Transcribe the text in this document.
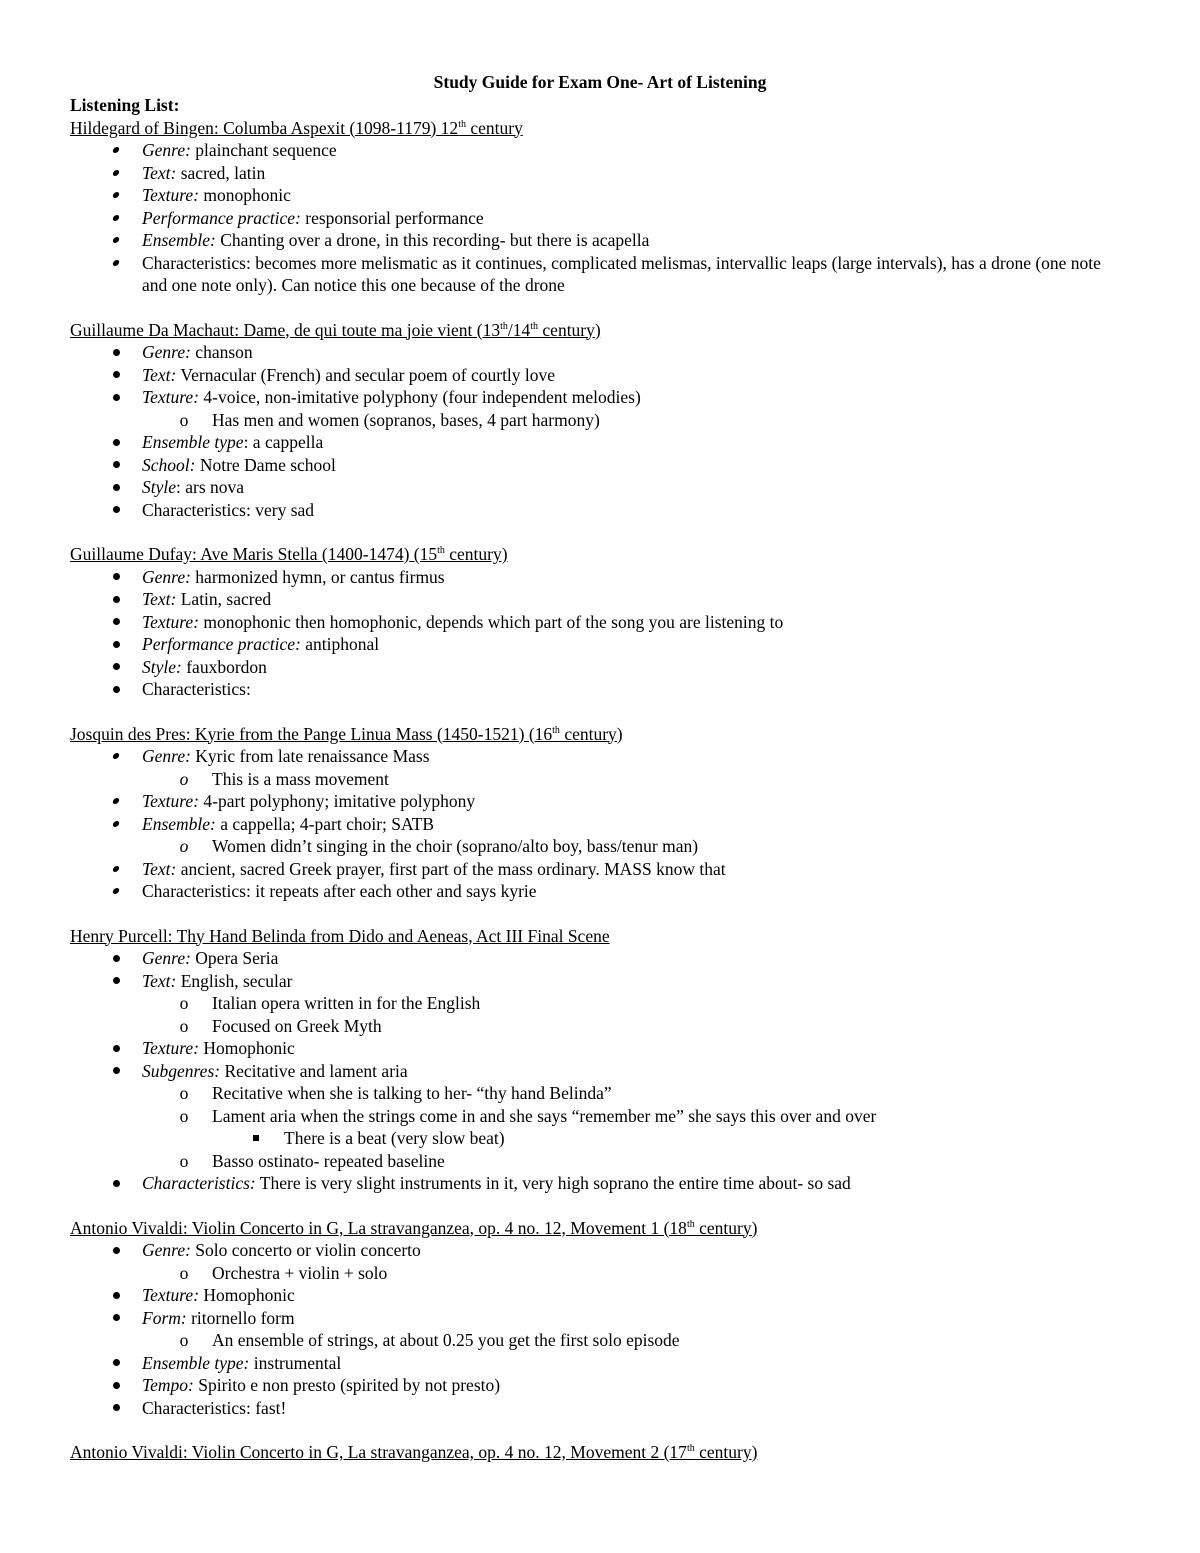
Study Guide for Exam One- Art of Listening

Listening List:

Hildegard of Bingen: Columba Aspexit (1098-1179) 12th century

Genre: plainchant sequence
Text: sacred, latin
Texture: monophonic
Performance practice: responsorial performance
Ensemble: Chanting over a drone, in this recording- but there is acapella
Characteristics: becomes more melismatic as it continues, complicated melismas, intervallic leaps (large intervals), has a drone (one note and one note only). Can notice this one because of the drone

Guillaume Da Machaut: Dame, de qui toute ma joie vient (13th/14th century)

Genre: chanson
Text: Vernacular (French) and secular poem of courtly love
Texture: 4-voice, non-imitative polyphony (four independent melodies)
o	Has men and women (sopranos, bases, 4 part harmony)
Ensemble type: a cappella
School: Notre Dame school
Style: ars nova
Characteristics: very sad

Guillaume Dufay: Ave Maris Stella (1400-1474) (15th century)

Genre: harmonized hymn, or cantus firmus
Text: Latin, sacred
Texture: monophonic then homophonic, depends which part of the song you are listening to
Performance practice: antiphonal
Style: fauxbordon
Characteristics:

Josquin des Pres: Kyrie from the Pange Linua Mass (1450-1521) (16th century)

Genre: Kyric from late renaissance Mass
o	This is a mass movement
Texture: 4-part polyphony; imitative polyphony
Ensemble: a cappella; 4-part choir; SATB
o	Women didn’t singing in the choir (soprano/alto boy, bass/tenur man)
Text: ancient, sacred Greek prayer, first part of the mass ordinary. MASS know that
Characteristics: it repeats after each other and says kyrie

Henry Purcell: Thy Hand Belinda from Dido and Aeneas, Act III Final Scene

Genre: Opera Seria
Text: English, secular
o	Italian opera written in for the English
o	Focused on Greek Myth
Texture: Homophonic
Subgenres: Recitative and lament aria
o	Recitative when she is talking to her- “thy hand Belinda”
o	Lament aria when the strings come in and she says “remember me” she says this over and over
There is a beat (very slow beat)
o	Basso ostinato- repeated baseline
Characteristics: There is very slight instruments in it, very high soprano the entire time about- so sad

Antonio Vivaldi: Violin Concerto in G, La stravanganzea, op. 4 no. 12, Movement 1 (18th century)

Genre: Solo concerto or violin concerto
o	Orchestra + violin + solo
Texture: Homophonic
Form: ritornello form
o	An ensemble of strings, at about 0.25 you get the first solo episode
Ensemble type: instrumental
Tempo: Spirito e non presto (spirited by not presto)
Characteristics: fast!

Antonio Vivaldi: Violin Concerto in G, La stravanganzea, op. 4 no. 12, Movement 2 (17th century)
